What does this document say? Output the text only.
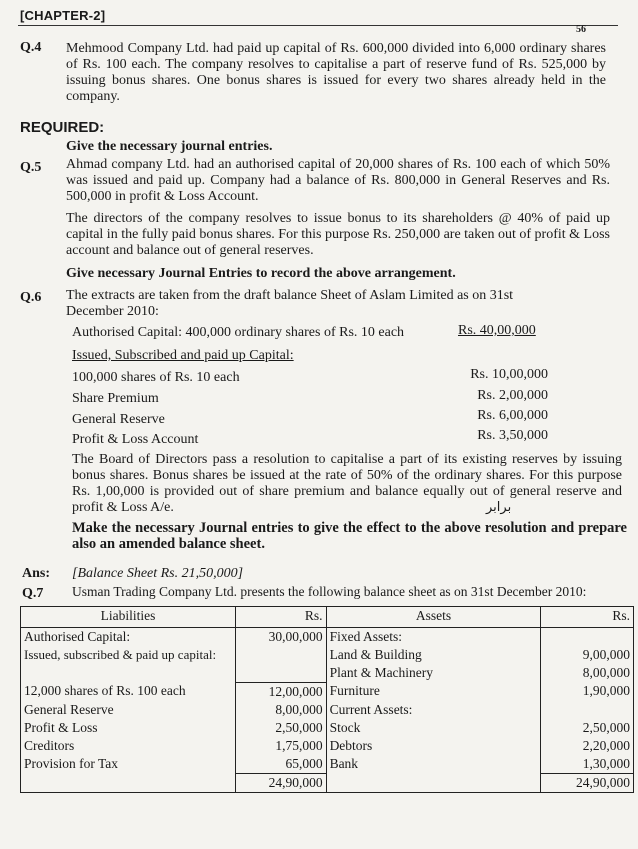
[CHAPTER-2]
56
Q.4 Mehmood Company Ltd. had paid up capital of Rs. 600,000 divided into 6,000 ordinary shares of Rs. 100 each. The company resolves to capitalise a part of reserve fund of Rs. 525,000 by issuing bonus shares. One bonus shares is issued for every two shares already held in the company.
REQUIRED:
Give the necessary journal entries.
Q.5 Ahmad company Ltd. had an authorised capital of 20,000 shares of Rs. 100 each of which 50% was issued and paid up. Company had a balance of Rs. 800,000 in General Reserves and Rs. 500,000 in profit & Loss Account.
The directors of the company resolves to issue bonus to its shareholders @ 40% of paid up capital in the fully paid bonus shares. For this purpose Rs. 250,000 are taken out of profit & Loss account and balance out of general reserves.
Give necessary Journal Entries to record the above arrangement.
Q.6 The extracts are taken from the draft balance Sheet of Aslam Limited as on 31st
December 2010:
Authorised Capital: 400,000 ordinary shares of Rs. 10 each	Rs. 40,00,000
Issued, Subscribed and paid up Capital:
100,000 shares of Rs. 10 each	Rs. 10,00,000
Share Premium	Rs. 2,00,000
General Reserve	Rs. 6,00,000
Profit & Loss Account	Rs. 3,50,000
The Board of Directors pass a resolution to capitalise a part of its existing reserves by issuing bonus shares. Bonus shares be issued at the rate of 50% of the ordinary shares. For this purpose Rs. 1,00,000 is provided out of share premium and balance equally out of general reserve and profit & Loss A/e.	برابر
Make the necessary Journal entries to give the effect to the above resolution and prepare also an amended balance sheet.
Ans: [Balance Sheet Rs. 21,50,000]
Q.7 Usman Trading Company Ltd. presents the following balance sheet as on 31st December 2010:
Liabilities	Rs.	Assets	Rs.
Authorised Capital:	30,00,000	Fixed Assets:	
Issued, subscribed & paid up capital:		Land & Building	9,00,000
		Plant & Machinery	8,00,000
12,000 shares of Rs. 100 each	12,00,000	Furniture	1,90,000
General Reserve	8,00,000	Current Assets:	
Profit & Loss	2,50,000	Stock	2,50,000
Creditors	1,75,000	Debtors	2,20,000
Provision for Tax	65,000	Bank	1,30,000
	24,90,000		24,90,000
